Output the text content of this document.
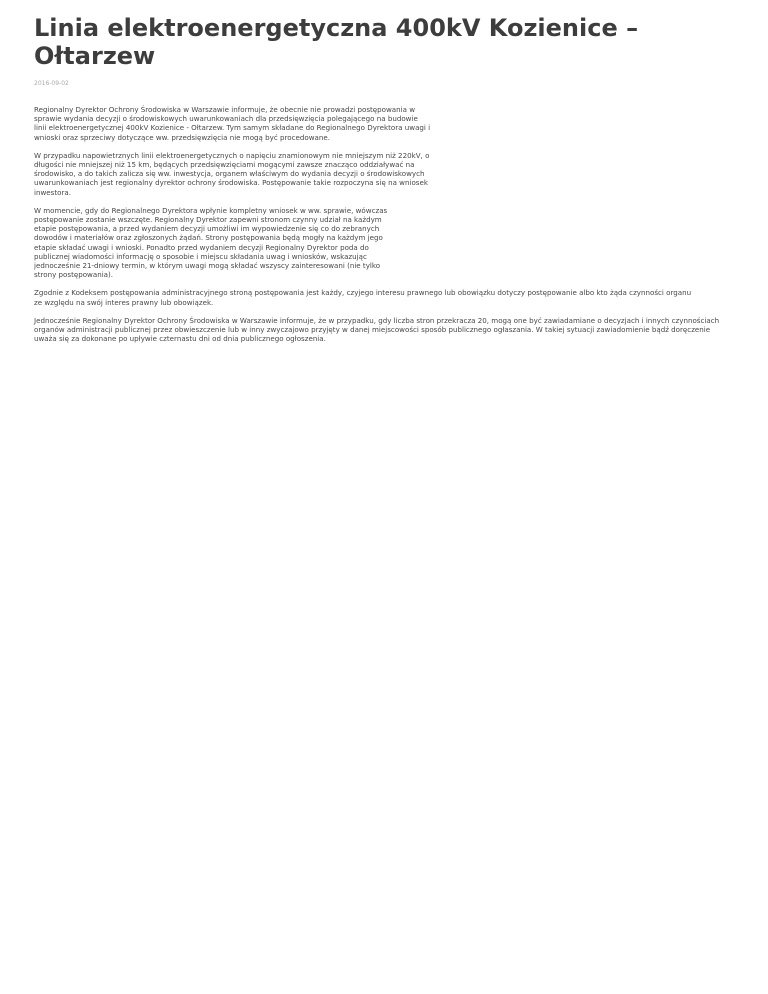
Linia elektroenergetyczna 400kV Kozienice – Ołtarzew
2016-09-02

Regionalny Dyrektor Ochrony Środowiska w Warszawie informuje, że obecnie nie prowadzi postępowania w sprawie wydania decyzji o środowiskowych uwarunkowaniach dla przedsięwzięcia polegającego na budowie linii elektroenergetycznej 400kV Kozienice - Ołtarzew. Tym samym składane do Regionalnego Dyrektora uwagi i wnioski oraz sprzeciwy dotyczące ww. przedsięwzięcia nie mogą być procedowane.

W przypadku napowietrznych linii elektroenergetycznych o napięciu znamionowym nie mniejszym niż 220kV, o długości nie mniejszej niż 15 km, będących przedsięwzięciami mogącymi zawsze znacząco oddziaływać na środowisko, a do takich zalicza się ww. inwestycja, organem właściwym do wydania decyzji o środowiskowych uwarunkowaniach jest regionalny dyrektor ochrony środowiska. Postępowanie takie rozpoczyna się na wniosek inwestora.

W momencie, gdy do Regionalnego Dyrektora wpłynie kompletny wniosek w ww. sprawie, wówczas postępowanie zostanie wszczęte. Regionalny Dyrektor zapewni stronom czynny udział na każdym etapie postępowania, a przed wydaniem decyzji umożliwi im wypowiedzenie się co do zebranych dowodów i materiałów oraz zgłoszonych żądań. Strony postępowania będą mogły na każdym jego etapie składać uwagi i wnioski. Ponadto przed wydaniem decyzji Regionalny Dyrektor poda do publicznej wiadomości informację o sposobie i miejscu składania uwag i wniosków, wskazując jednocześnie 21-dniowy termin, w którym uwagi mogą składać wszyscy zainteresowani (nie tylko strony postępowania).

Zgodnie z Kodeksem postępowania administracyjnego stroną postępowania jest każdy, czyjego interesu prawnego lub obowiązku dotyczy postępowanie albo kto żąda czynności organu ze względu na swój interes prawny lub obowiązek.

Jednocześnie Regionalny Dyrektor Ochrony Środowiska w Warszawie informuje, że w przypadku, gdy liczba stron przekracza 20, mogą one być zawiadamiane o decyzjach i innych czynnościach organów administracji publicznej przez obwieszczenie lub w inny zwyczajowo przyjęty w danej miejscowości sposób publicznego ogłaszania. W takiej sytuacji zawiadomienie bądź doręczenie uważa się za dokonane po upływie czternastu dni od dnia publicznego ogłoszenia.
